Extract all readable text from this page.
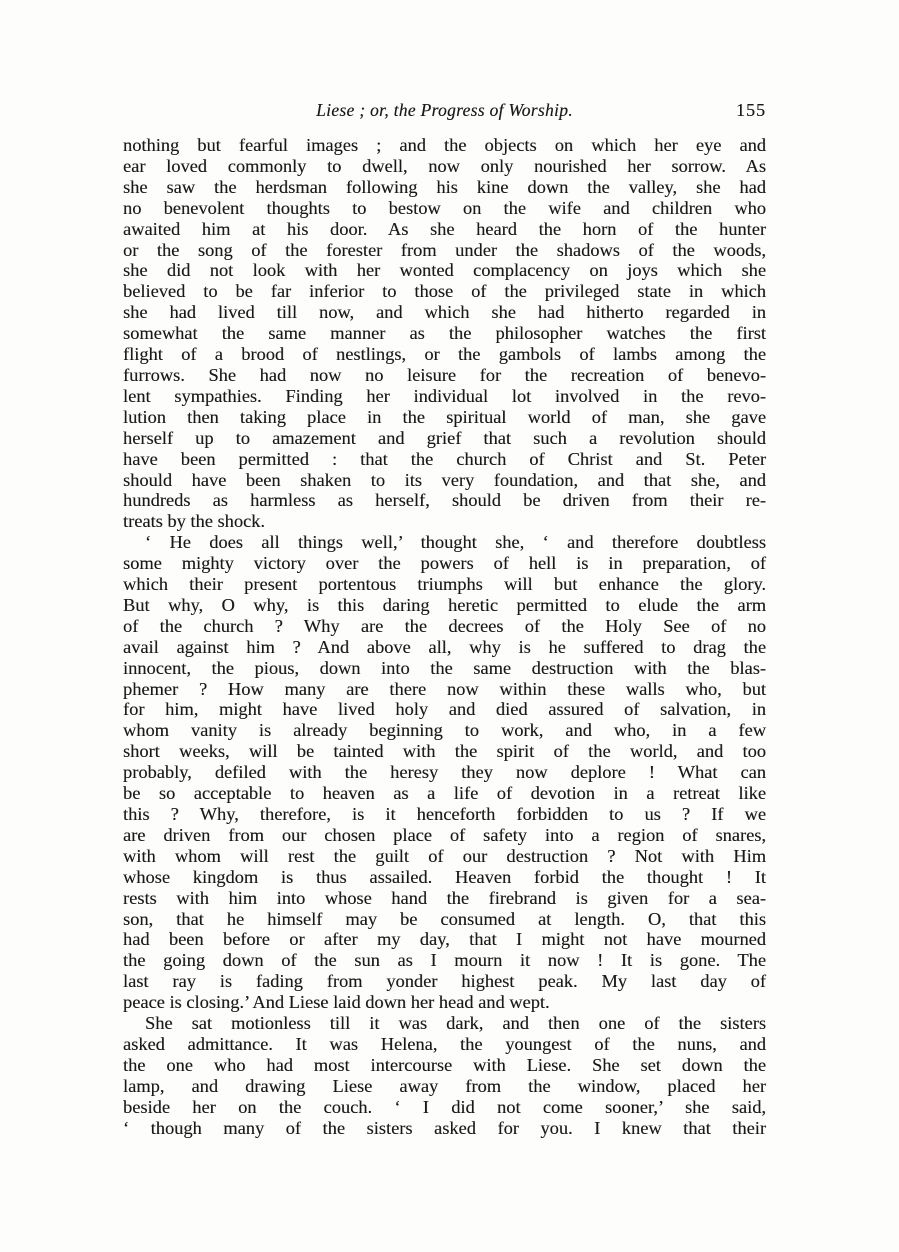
Liese ; or, the Progress of Worship.	155
nothing but fearful images ; and the objects on which her eye and
ear loved commonly to dwell, now only nourished her sorrow. As
she saw the herdsman following his kine down the valley, she had
no benevolent thoughts to bestow on the wife and children who
awaited him at his door. As she heard the horn of the hunter
or the song of the forester from under the shadows of the woods,
she did not look with her wonted complacency on joys which she
believed to be far inferior to those of the privileged state in which
she had lived till now, and which she had hitherto regarded in
somewhat the same manner as the philosopher watches the first
flight of a brood of nestlings, or the gambols of lambs among the
furrows. She had now no leisure for the recreation of benevo-
lent sympathies. Finding her individual lot involved in the revo-
lution then taking place in the spiritual world of man, she gave
herself up to amazement and grief that such a revolution should
have been permitted : that the church of Christ and St. Peter
should have been shaken to its very foundation, and that she, and
hundreds as harmless as herself, should be driven from their re-
treats by the shock.
‘ He does all things well,’ thought she, ‘ and therefore doubtless
some mighty victory over the powers of hell is in preparation, of
which their present portentous triumphs will but enhance the glory.
But why, O why, is this daring heretic permitted to elude the arm
of the church ? Why are the decrees of the Holy See of no
avail against him ? And above all, why is he suffered to drag the
innocent, the pious, down into the same destruction with the blas-
phemer ? How many are there now within these walls who, but
for him, might have lived holy and died assured of salvation, in
whom vanity is already beginning to work, and who, in a few
short weeks, will be tainted with the spirit of the world, and too
probably, defiled with the heresy they now deplore ! What can
be so acceptable to heaven as a life of devotion in a retreat like
this ? Why, therefore, is it henceforth forbidden to us ? If we
are driven from our chosen place of safety into a region of snares,
with whom will rest the guilt of our destruction ? Not with Him
whose kingdom is thus assailed. Heaven forbid the thought ! It
rests with him into whose hand the firebrand is given for a sea-
son, that he himself may be consumed at length. O, that this
had been before or after my day, that I might not have mourned
the going down of the sun as I mourn it now ! It is gone. The
last ray is fading from yonder highest peak. My last day of
peace is closing.’ And Liese laid down her head and wept.
She sat motionless till it was dark, and then one of the sisters
asked admittance. It was Helena, the youngest of the nuns, and
the one who had most intercourse with Liese. She set down the
lamp, and drawing Liese away from the window, placed her
beside her on the couch. ‘ I did not come sooner,’ she said,
‘ though many of the sisters asked for you. I knew that their
